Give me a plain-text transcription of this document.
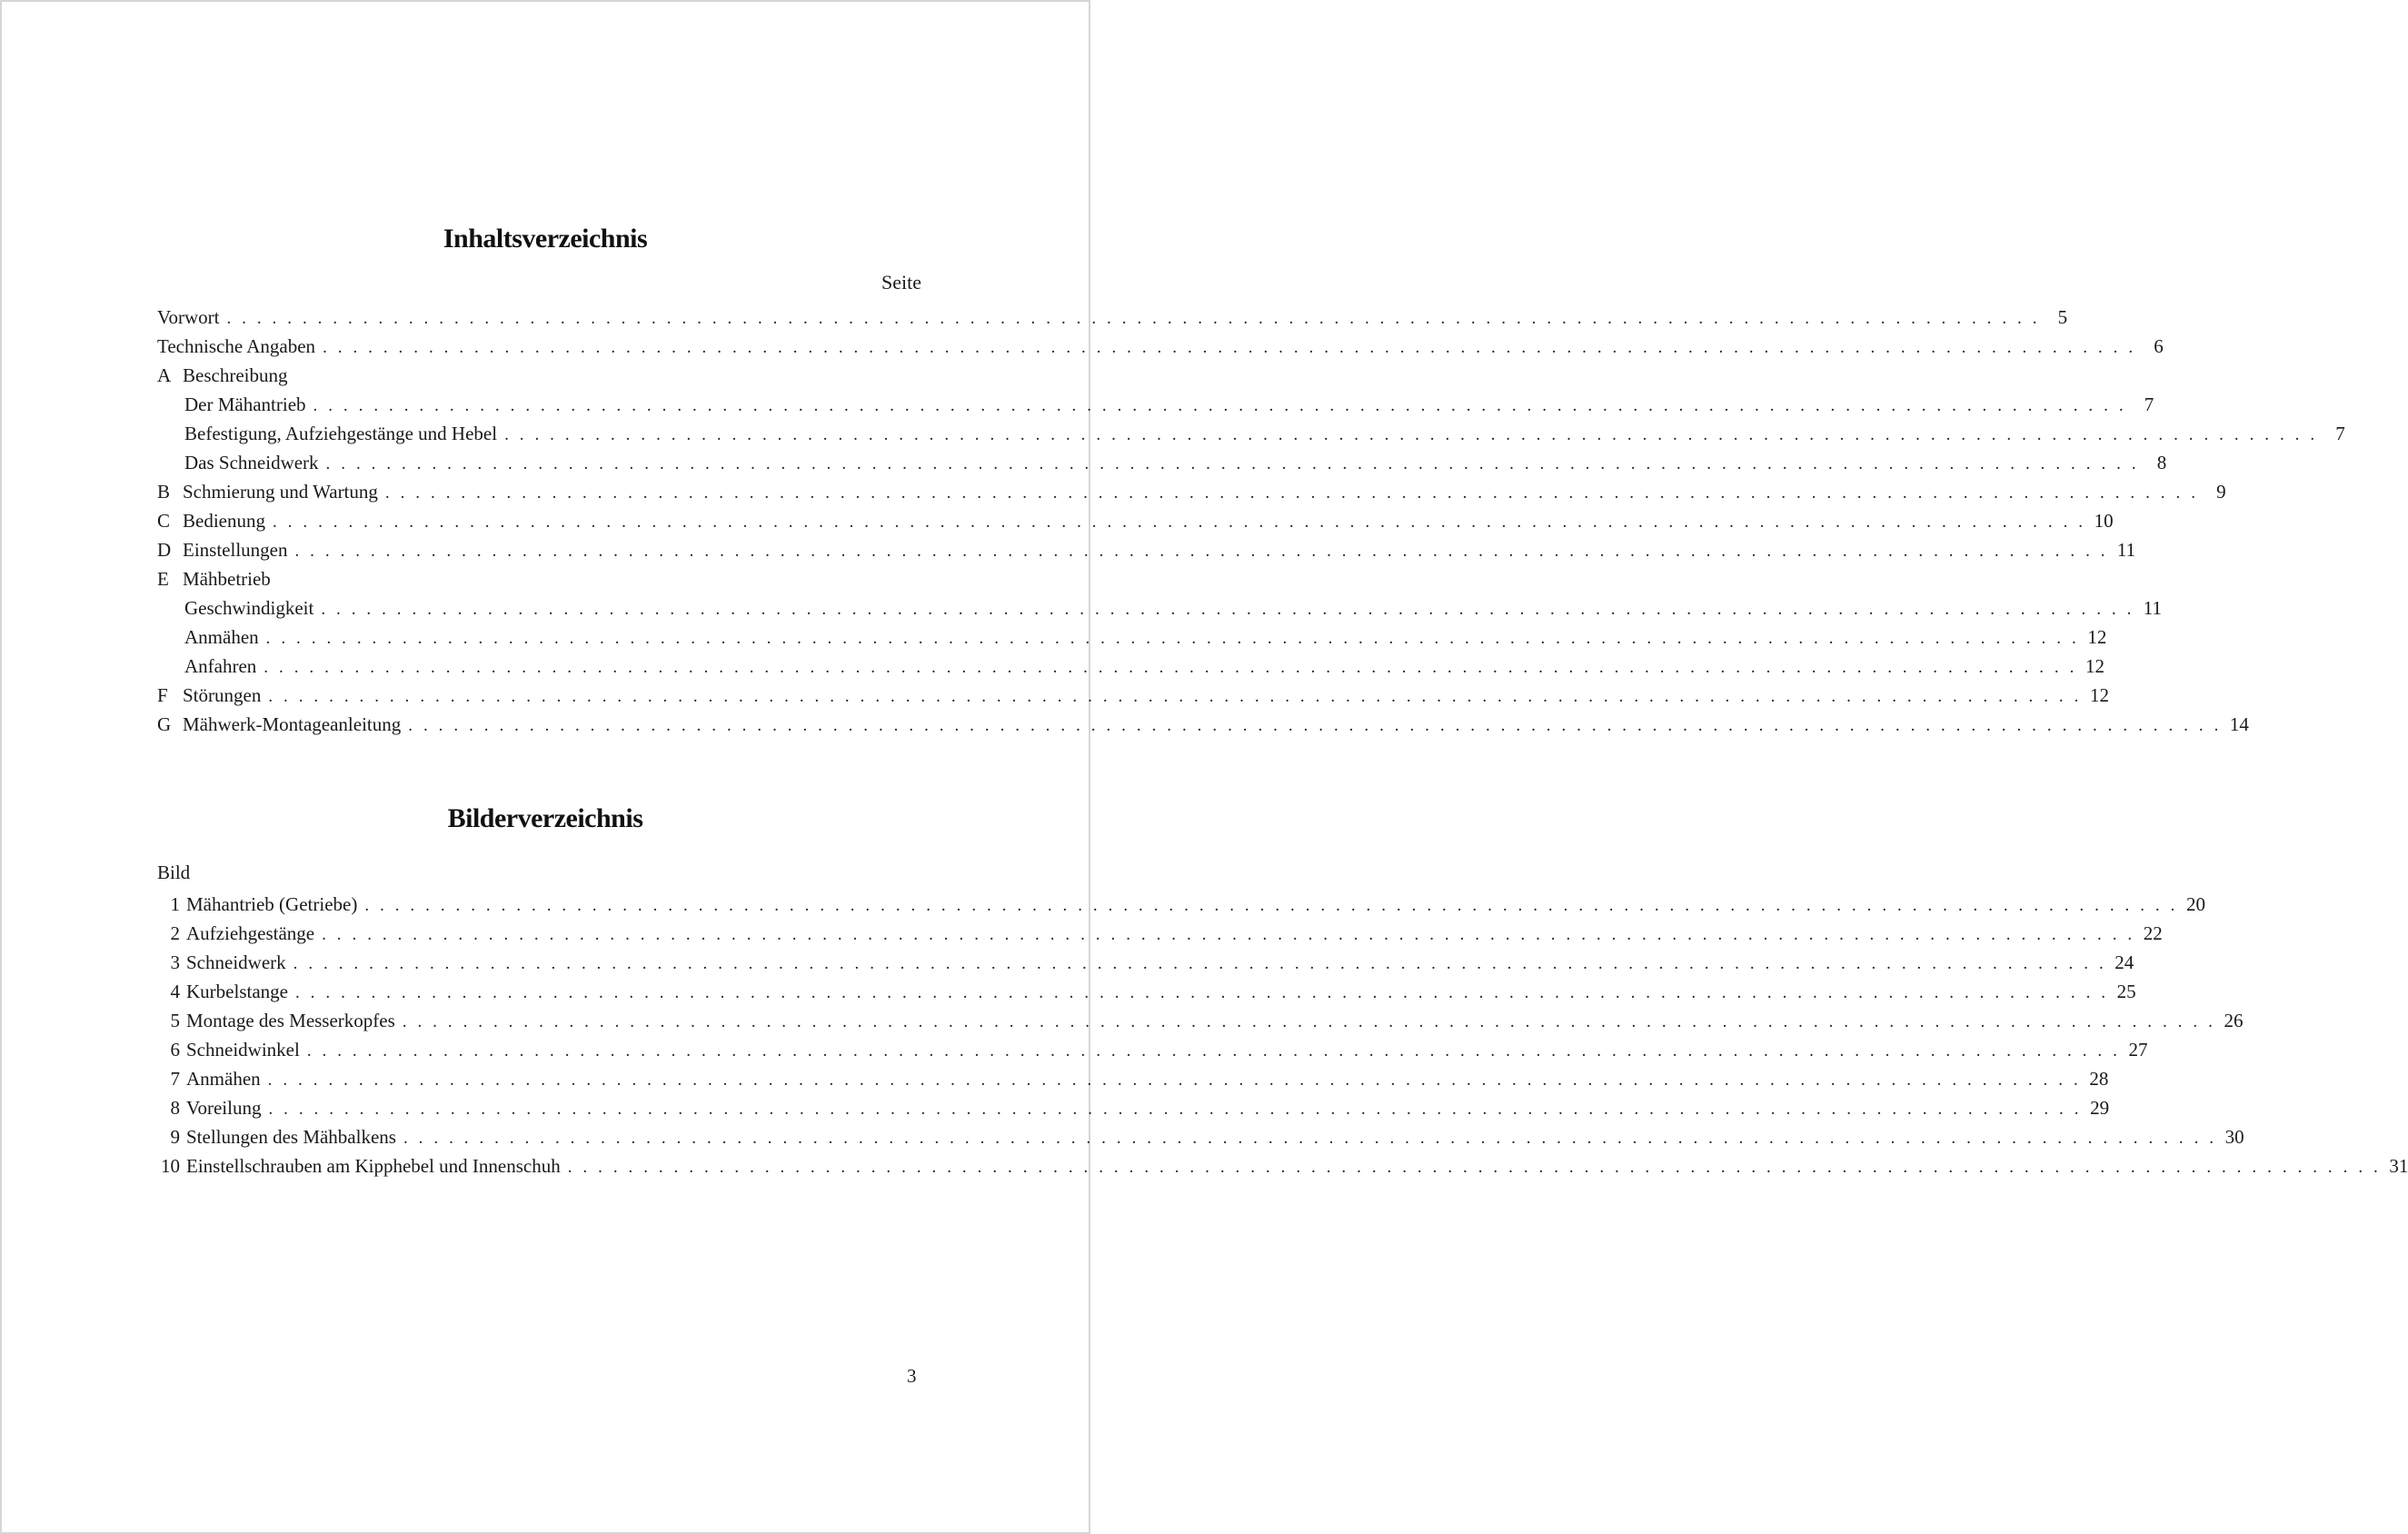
Inhaltsverzeichnis
Seite
Vorwort . . . . . . . . . . . . . . . . . . . . . . . . . . . . . . . . . . . . . . . . . . . . . . . . . . . . . . . . . . . . . . . . . . . . . . . . . . . . . . . . . . . . . . . . . . . . . . . . . . . . . . . . . . . . . . . . . . . . . . . . 5
Technische Angaben . . . . . . . . . . . . . . . . . . . . . . . . . . . . . . . . . . . . . . . . . . . . . . . . . . . . . . . . . . . . . . . . . . . . . . . . . . . . . . . . . . . . . . . . . . . . . . . . . . . . . . . . . . . . . . . . . . . . . . . . 6
A Beschreibung
Der Mähantrieb . . . . . . . . . . . . . . . . . . . . . . . . . . . . . . . . . . . . . . . . . . . . . . . . . . . . . . . . . . . . . . . . . . . . . . . . . . . . . . . . . . . . . . . . . . . . . . . . . . . . . . . . . . . . . . . . . . . . . . . . 7
Befestigung, Aufziehgestänge und Hebel . . . . . . . . . . . . . . . . . . . . . . . . . . . . . . . . . . . . . . . . . . . . . . . . . . . . . . . . . . . . . . . . . . . . . . . . . . . . . . . . . . . . . . . . . . . . . . . . . . . . . . . . . . . . . . . . . . . . . . . . 7
Das Schneidwerk . . . . . . . . . . . . . . . . . . . . . . . . . . . . . . . . . . . . . . . . . . . . . . . . . . . . . . . . . . . . . . . . . . . . . . . . . . . . . . . . . . . . . . . . . . . . . . . . . . . . . . . . . . . . . . . . . . . . . . . . 8
B Schmierung und Wartung . . . . . . . . . . . . . . . . . . . . . . . . . . . . . . . . . . . . . . . . . . . . . . . . . . . . . . . . . . . . . . . . . . . . . . . . . . . . . . . . . . . . . . . . . . . . . . . . . . . . . . . . . . . . . . . . . . . . . . . . 9
C Bedienung . . . . . . . . . . . . . . . . . . . . . . . . . . . . . . . . . . . . . . . . . . . . . . . . . . . . . . . . . . . . . . . . . . . . . . . . . . . . . . . . . . . . . . . . . . . . . . . . . . . . . . . . . . . . . . . . . . . . . . . . 10
D Einstellungen . . . . . . . . . . . . . . . . . . . . . . . . . . . . . . . . . . . . . . . . . . . . . . . . . . . . . . . . . . . . . . . . . . . . . . . . . . . . . . . . . . . . . . . . . . . . . . . . . . . . . . . . . . . . . . . . . . . . . . . . 11
E Mähbetrieb
Geschwindigkeit . . . . . . . . . . . . . . . . . . . . . . . . . . . . . . . . . . . . . . . . . . . . . . . . . . . . . . . . . . . . . . . . . . . . . . . . . . . . . . . . . . . . . . . . . . . . . . . . . . . . . . . . . . . . . . . . . . . . . . . . 11
Anmähen . . . . . . . . . . . . . . . . . . . . . . . . . . . . . . . . . . . . . . . . . . . . . . . . . . . . . . . . . . . . . . . . . . . . . . . . . . . . . . . . . . . . . . . . . . . . . . . . . . . . . . . . . . . . . . . . . . . . . . . . 12
Anfahren . . . . . . . . . . . . . . . . . . . . . . . . . . . . . . . . . . . . . . . . . . . . . . . . . . . . . . . . . . . . . . . . . . . . . . . . . . . . . . . . . . . . . . . . . . . . . . . . . . . . . . . . . . . . . . . . . . . . . . . . 12
F Störungen . . . . . . . . . . . . . . . . . . . . . . . . . . . . . . . . . . . . . . . . . . . . . . . . . . . . . . . . . . . . . . . . . . . . . . . . . . . . . . . . . . . . . . . . . . . . . . . . . . . . . . . . . . . . . . . . . . . . . . . . 12
G Mähwerk-Montageanleitung . . . . . . . . . . . . . . . . . . . . . . . . . . . . . . . . . . . . . . . . . . . . . . . . . . . . . . . . . . . . . . . . . . . . . . . . . . . . . . . . . . . . . . . . . . . . . . . . . . . . . . . . . . . . . . . . . . . . . . . . 14
Bilderverzeichnis
Bild
1 Mähantrieb (Getriebe) . . . . . . . . . . . . . . . . . . . . . . . . . . . . . . . . . . . . . . . . . . . . . . . . . . . . . . . . . . . . . . . . . . . . . . . . . . . . . . . . . . . . . . . . . . . . . . . . . . . . . . . . . . . . . . . . . . . . . . . . 20
2 Aufziehgestänge . . . . . . . . . . . . . . . . . . . . . . . . . . . . . . . . . . . . . . . . . . . . . . . . . . . . . . . . . . . . . . . . . . . . . . . . . . . . . . . . . . . . . . . . . . . . . . . . . . . . . . . . . . . . . . . . . . . . . . . . 22
3 Schneidwerk . . . . . . . . . . . . . . . . . . . . . . . . . . . . . . . . . . . . . . . . . . . . . . . . . . . . . . . . . . . . . . . . . . . . . . . . . . . . . . . . . . . . . . . . . . . . . . . . . . . . . . . . . . . . . . . . . . . . . . . . 24
4 Kurbelstange . . . . . . . . . . . . . . . . . . . . . . . . . . . . . . . . . . . . . . . . . . . . . . . . . . . . . . . . . . . . . . . . . . . . . . . . . . . . . . . . . . . . . . . . . . . . . . . . . . . . . . . . . . . . . . . . . . . . . . . . 25
5 Montage des Messerkopfes . . . . . . . . . . . . . . . . . . . . . . . . . . . . . . . . . . . . . . . . . . . . . . . . . . . . . . . . . . . . . . . . . . . . . . . . . . . . . . . . . . . . . . . . . . . . . . . . . . . . . . . . . . . . . . . . . . . . . . . . 26
6 Schneidwinkel . . . . . . . . . . . . . . . . . . . . . . . . . . . . . . . . . . . . . . . . . . . . . . . . . . . . . . . . . . . . . . . . . . . . . . . . . . . . . . . . . . . . . . . . . . . . . . . . . . . . . . . . . . . . . . . . . . . . . . . . 27
7 Anmähen . . . . . . . . . . . . . . . . . . . . . . . . . . . . . . . . . . . . . . . . . . . . . . . . . . . . . . . . . . . . . . . . . . . . . . . . . . . . . . . . . . . . . . . . . . . . . . . . . . . . . . . . . . . . . . . . . . . . . . . . 28
8 Voreilung . . . . . . . . . . . . . . . . . . . . . . . . . . . . . . . . . . . . . . . . . . . . . . . . . . . . . . . . . . . . . . . . . . . . . . . . . . . . . . . . . . . . . . . . . . . . . . . . . . . . . . . . . . . . . . . . . . . . . . . . 29
9 Stellungen des Mähbalkens . . . . . . . . . . . . . . . . . . . . . . . . . . . . . . . . . . . . . . . . . . . . . . . . . . . . . . . . . . . . . . . . . . . . . . . . . . . . . . . . . . . . . . . . . . . . . . . . . . . . . . . . . . . . . . . . . . . . . . . . 30
10 Einstellschrauben am Kipphebel und Innenschuh . . . . . . . . . . . . . . . . . . . . . . . . . . . . . . . . . . . . . . . . . . . . . . . . . . . . . . . . . . . . . . . . . . . . . . . . . . . . . . . . . . . . . . . . . . . . . . . . . . . . . . . . . . . . . . . . . . . . . . . . 31
3
